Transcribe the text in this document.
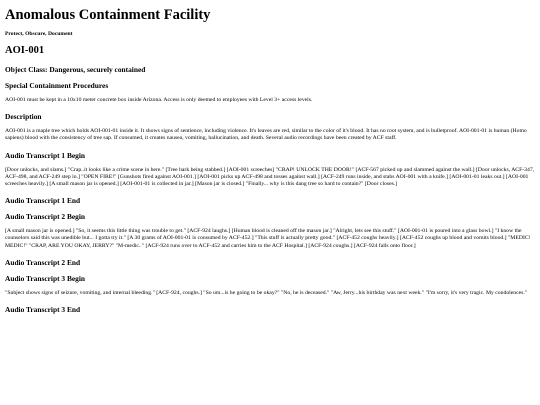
Anomalous Containment Facility
Protect, Obscure, Document
AOI-001
Object Class: Dangerous, securely contained
Special Containment Procedures

AOI-001 must be kept in a 10x10 meter concrete box inside Arizona. Access is only deemed to employees with Level 3+ access levels.

Description

AOI-001 is a maple tree which holds AOI-001-01 inside it. It shows signs of sentience, including violence. It's leaves are red, similar to the color of it's blood. It has no root system, and is bulletproof. AOI-001-01 is human (Homo sapiens) blood with the consistency of tree sap. If consumed, it creates nausea, vomiting, hallucination, and death. Several audio recordings have been created by ACF staff.

Audio Transcript 1 Begin

[Door unlocks, and slams.] "Crap..it looks like a crime scene in here." [Tree bark being stabbed.] [AOI-001 screeches] "CRAP! UNLOCK THE DOOR!" [ACF-567 picked up and slammed against the wall.] [Door unlocks, ACF-347, ACF-498, and ACF-249 step in.] "OPEN FIRE!" [Gunshots fired against AOI-001.] [AOI-001 picks up ACF-498 and tosses against wall.] [ACF-249 runs inside, and stabs AOI-001 with a knife.] [AOI-001-01 leaks out.] [AOI-001 screeches heavily.] [A small mason jar is opened.] [AOI-001-01 is collected in jar.] [Mason jar is closed.] "Finally... why is this dang tree so hard to contain?" [Door closes.]

Audio Transcript 1 End
Audio Transcript 2 Begin

[A small mason jar is opened.] "So, it seems this little thing was trouble to get." [ACF-924 laughs.] [Human blood is cleaned off the mason jar.] "Alright, lets see this stuff." [AOI-001-01 is poured into a glass bowl.] "I know the counselors said this was unedible but... I gotta try it." [A 30 grams of AOI-001-01 is consumed by ACF-452.] "This stuff is actually pretty good." [ACF-452 coughs heavily.] [ACF-452 coughs up blood and vomits blood.] "MEDIC! MEDIC!" "CRAP, ARE YOU OKAY, JERRY?" "M-medic.." [ACF-924 runs over to ACF-452 and carries him to the ACF Hospital.] [ACF-924 coughs.] [ACF-924 falls onto floor.]

Audio Transcript 2 End
Audio Transcript 3 Begin

"Subject shows signs of seizure, vomiting, and internal bleeding." [ACF-924, coughs.] "So um...is he going to be okay?" "No, he is deceased." "Aw, Jerry...his birthday was next week." "I'm sorry, it's very tragic. My condolences."

Audio Transcript 3 End
